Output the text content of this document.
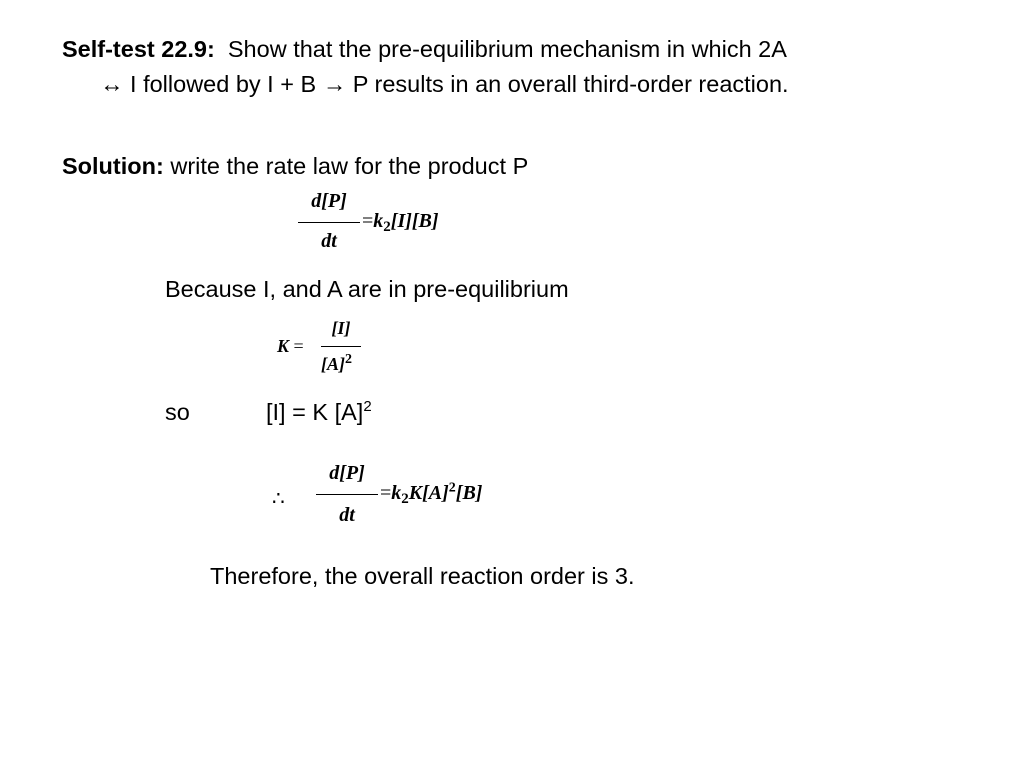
Self-test 22.9: Show that the pre-equilibrium mechanism in which 2A
↔ I followed by I + B → P results in an overall third-order reaction.
Solution: write the rate law for the product P
d[P]
dt
$=k_2[I][B]$
Because I, and A are in pre-equilibrium
K =
[I]
$[A]^2$
so	[I] = K $[A]^2$
∴
d[P]
dt
$=k_2K[A]^2[B]$
Therefore, the overall reaction order is 3.
